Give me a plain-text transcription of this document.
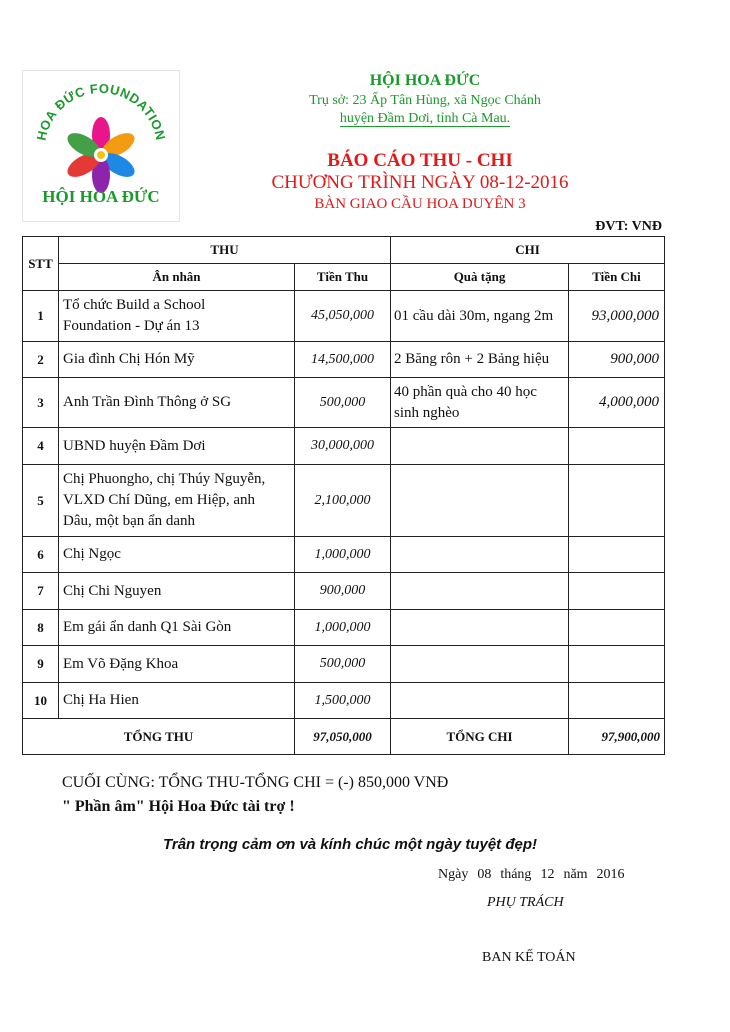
HOA ĐỨC FOUNDATION
HỘI HOA ĐỨC
HỘI HOA ĐỨC
Trụ sở: 23 Ấp Tân Hùng, xã Ngọc Chánh
huyện Đầm Dơi, tỉnh Cà Mau.
BÁO CÁO THU - CHI
CHƯƠNG TRÌNH NGÀY 08-12-2016
BÀN GIAO CẦU HOA DUYÊN 3
ĐVT: VNĐ
STT	THU		CHI	
	Ân nhân	Tiền Thu	Quà tặng	Tiền Chi
1	Tổ chức Build a School
Foundation - Dự án 13	45,050,000	01 cầu dài 30m, ngang 2m	93,000,000
2	Gia đình Chị Hón Mỹ	14,500,000	2 Băng rôn + 2 Bảng hiệu	900,000
3	Anh Trần Đình Thông ở SG	500,000	40 phần quà cho 40 học
sinh nghèo	4,000,000
4	UBND huyện Đầm Dơi	30,000,000		
5	Chị Phuongho, chị Thúy Nguyễn,
VLXD Chí Dũng, em Hiệp, anh
Dâu, một bạn ẩn danh	2,100,000		
6	Chị Ngọc	1,000,000		
7	Chị Chi Nguyen	900,000		
8	Em gái ẩn danh Q1 Sài Gòn	1,000,000		
9	Em Võ Đặng Khoa	500,000		
10	Chị Ha Hien	1,500,000		
TỔNG THU		97,050,000	TỔNG CHI	97,900,000
CUỐI CÙNG: TỔNG THU-TỔNG CHI = (-) 850,000 VNĐ
" Phần âm" Hội Hoa Đức tài trợ !
Trân trọng cảm ơn và kính chúc một ngày tuyệt đẹp!
Ngày 08 tháng 12 năm 2016
PHỤ TRÁCH
BAN KẾ TOÁN
